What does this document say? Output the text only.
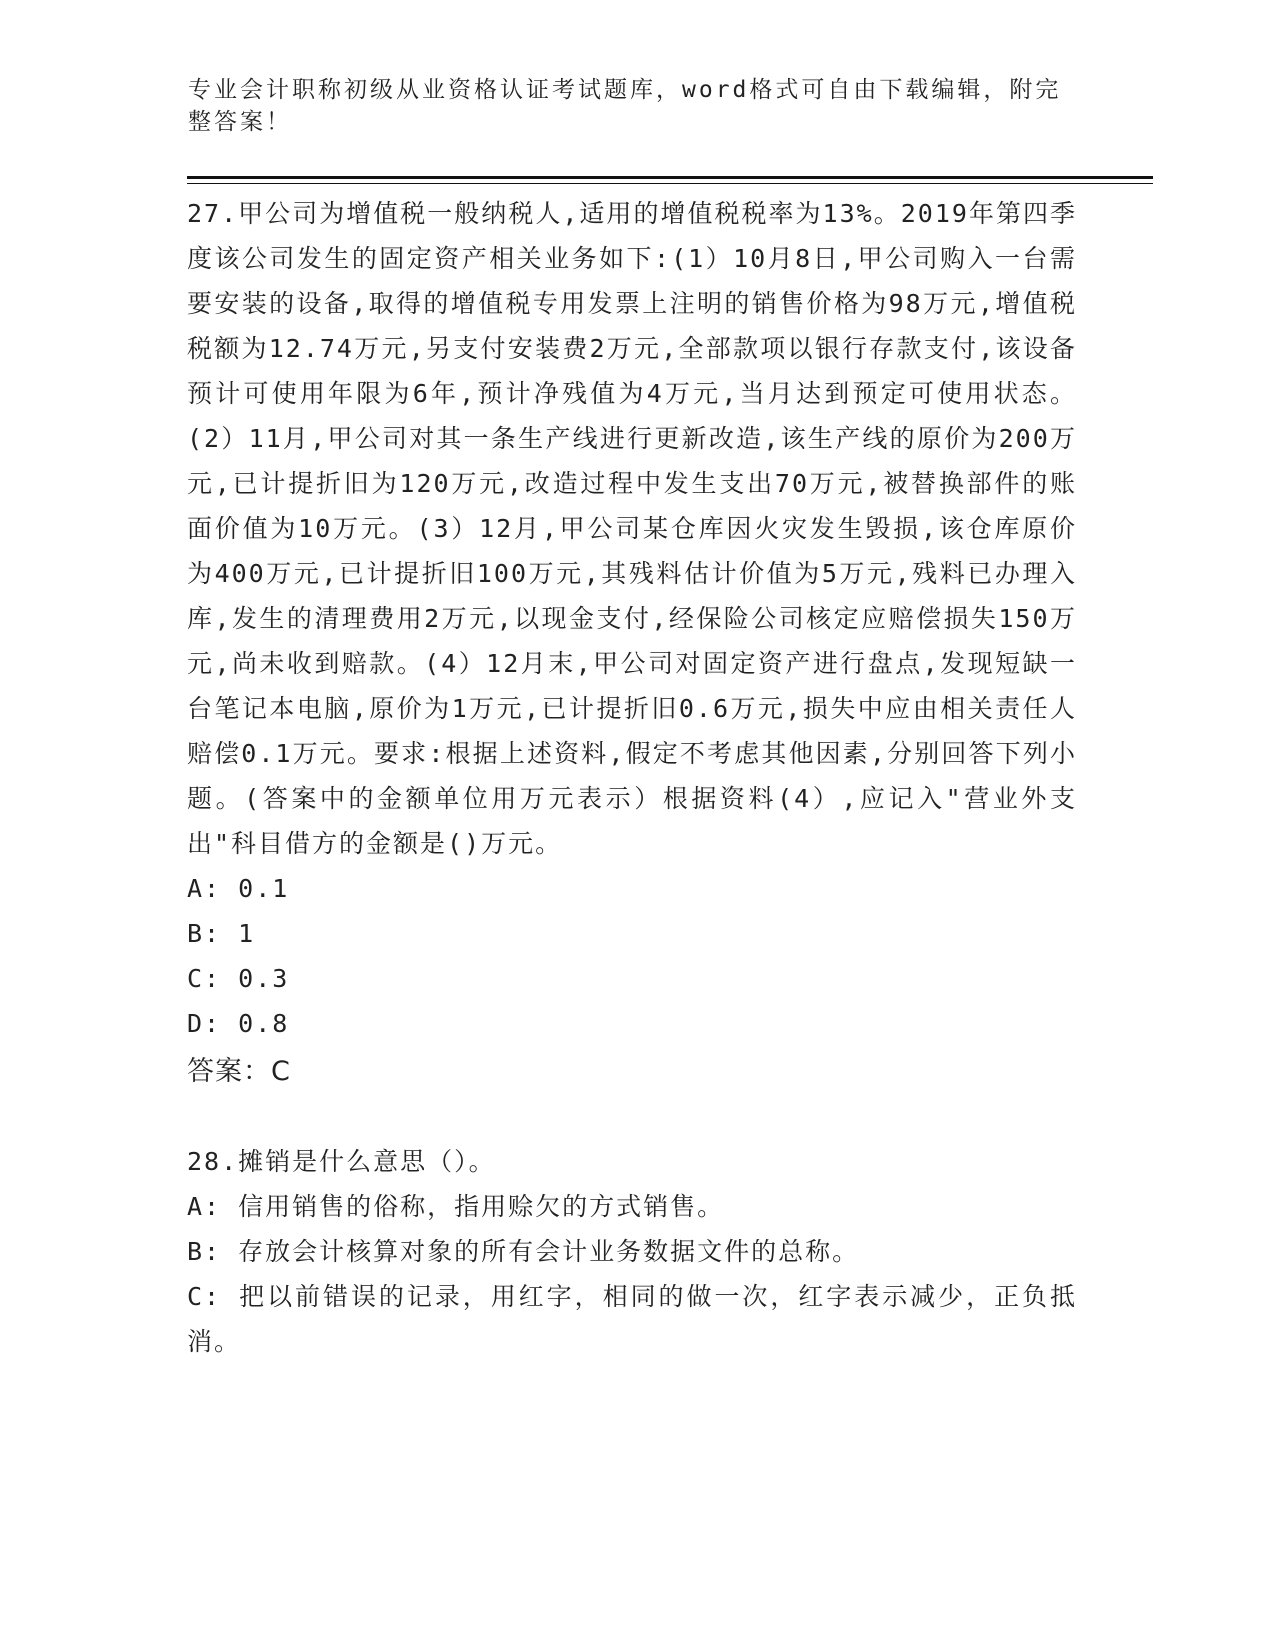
专业会计职称初级从业资格认证考试题库，word格式可自由下载编辑，附完整答案！
27.甲公司为增值税一般纳税人,适用的增值税税率为13%。2019年第四季度该公司发生的固定资产相关业务如下:(1）10月8日,甲公司购入一台需要安装的设备,取得的增值税专用发票上注明的销售价格为98万元,增值税税额为12.74万元,另支付安装费2万元,全部款项以银行存款支付,该设备预计可使用年限为6年,预计净残值为4万元,当月达到预定可使用状态。(2）11月,甲公司对其一条生产线进行更新改造,该生产线的原价为200万元,已计提折旧为120万元,改造过程中发生支出70万元,被替换部件的账面价值为10万元。(3）12月,甲公司某仓库因火灾发生毁损,该仓库原价为400万元,已计提折旧100万元,其残料估计价值为5万元,残料已办理入库,发生的清理费用2万元,以现金支付,经保险公司核定应赔偿损失150万元,尚未收到赔款。(4）12月末,甲公司对固定资产进行盘点,发现短缺一台笔记本电脑,原价为1万元,已计提折旧0.6万元,损失中应由相关责任人赔偿0.1万元。要求:根据上述资料,假定不考虑其他因素,分别回答下列小题。(答案中的金额单位用万元表示）根据资料(4）,应记入"营业外支出"科目借方的金额是()万元。
A: 0.1
B: 1
C: 0.3
D: 0.8
答案：C
28.摊销是什么意思（）。
A: 信用销售的俗称，指用赊欠的方式销售。
B: 存放会计核算对象的所有会计业务数据文件的总称。
C: 把以前错误的记录，用红字，相同的做一次，红字表示减少，正负抵消。
